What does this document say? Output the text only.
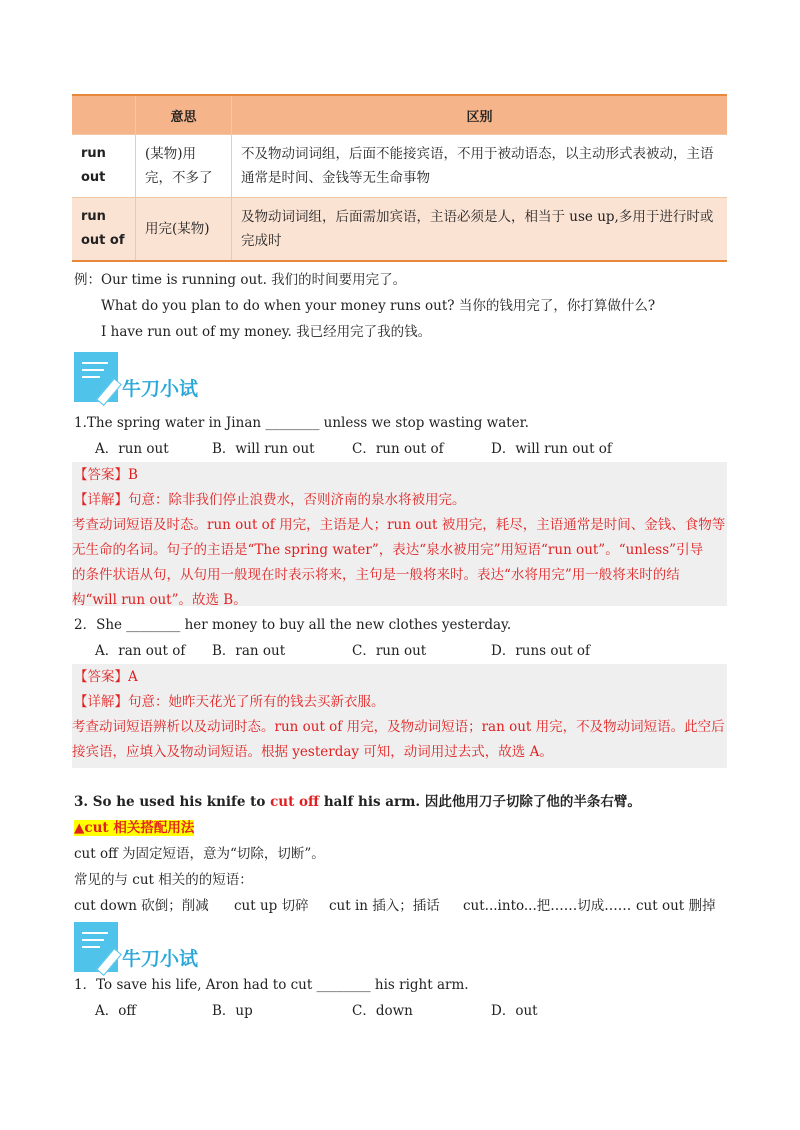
	意思	区别
run out	(某物)用完，不多了	不及物动词词组，后面不能接宾语，不用于被动语态，以主动形式表被动，主语通常是时间、金钱等无生命事物
run out of	用完(某物)	及物动词词组，后面需加宾语，主语必须是人，相当于 use up,多用于进行时或完成时
例：Our time is running out. 我们的时间要用完了。
What do you plan to do when your money runs out? 当你的钱用完了，你打算做什么?
I have run out of my money. 我已经用完了我的钱。
牛刀小试
1.The spring water in Jinan ________ unless we stop wasting water.
A．run out	B．will run out	C．run out of	D．will run out of
【答案】B
【详解】句意：除非我们停止浪费水，否则济南的泉水将被用完。
考查动词短语及时态。run out of 用完，主语是人；run out 被用完，耗尽，主语通常是时间、金钱、食物等
无生命的名词。句子的主语是“The spring water”，表达“泉水被用完”用短语“run out”。“unless”引导
的条件状语从句，从句用一般现在时表示将来，主句是一般将来时。表达“水将用完”用一般将来时的结
构“will run out”。故选 B。
2．She ________ her money to buy all the new clothes yesterday.
A．ran out of B．ran out	C．run out	D．runs out of
【答案】A
【详解】句意：她昨天花光了所有的钱去买新衣服。
考查动词短语辨析以及动词时态。run out of 用完，及物动词短语；ran out 用完，不及物动词短语。此空后
接宾语，应填入及物动词短语。根据 yesterday 可知，动词用过去式，故选 A。
3. So he used his knife to cut off half his arm. 因此他用刀子切除了他的半条右臂。
▲cut 相关搭配用法
cut off 为固定短语，意为“切除，切断”。
常见的与 cut 相关的的短语：
cut down 砍倒；削减 cut up 切碎 cut in 插入；插话 cut...into...把……切成…… cut out 删掉
牛刀小试
1．To save his life, Aron had to cut ________ his right arm.
A．off	B．up	C．down	D．out
